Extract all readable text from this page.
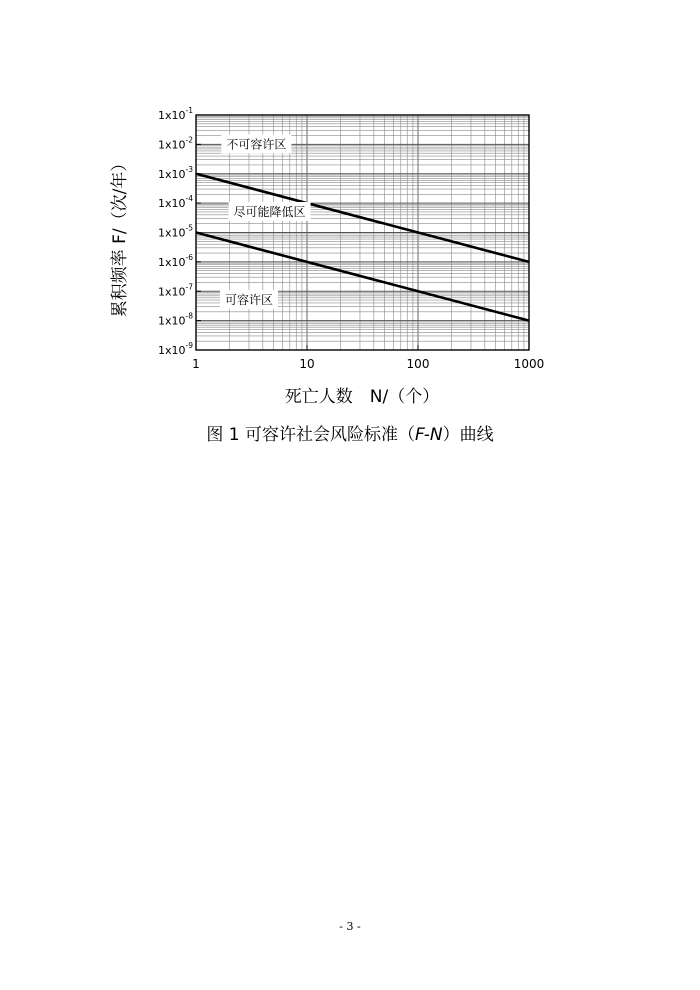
不可容许区
尽可能降低区
可容许区
$1x10^{-1}$
$1x10^{-2}$
$1x10^{-3}$
$1x10^{-4}$
$1x10^{-5}$
$1x10^{-6}$
$1x10^{-7}$
$1x10^{-8}$
$1x10^{-9}$
1	10	100	1000
死亡人数　N/（个）
累积频率 F/（次/年）
图 1 可容许社会风险标准（F-N）曲线
- 3 -
